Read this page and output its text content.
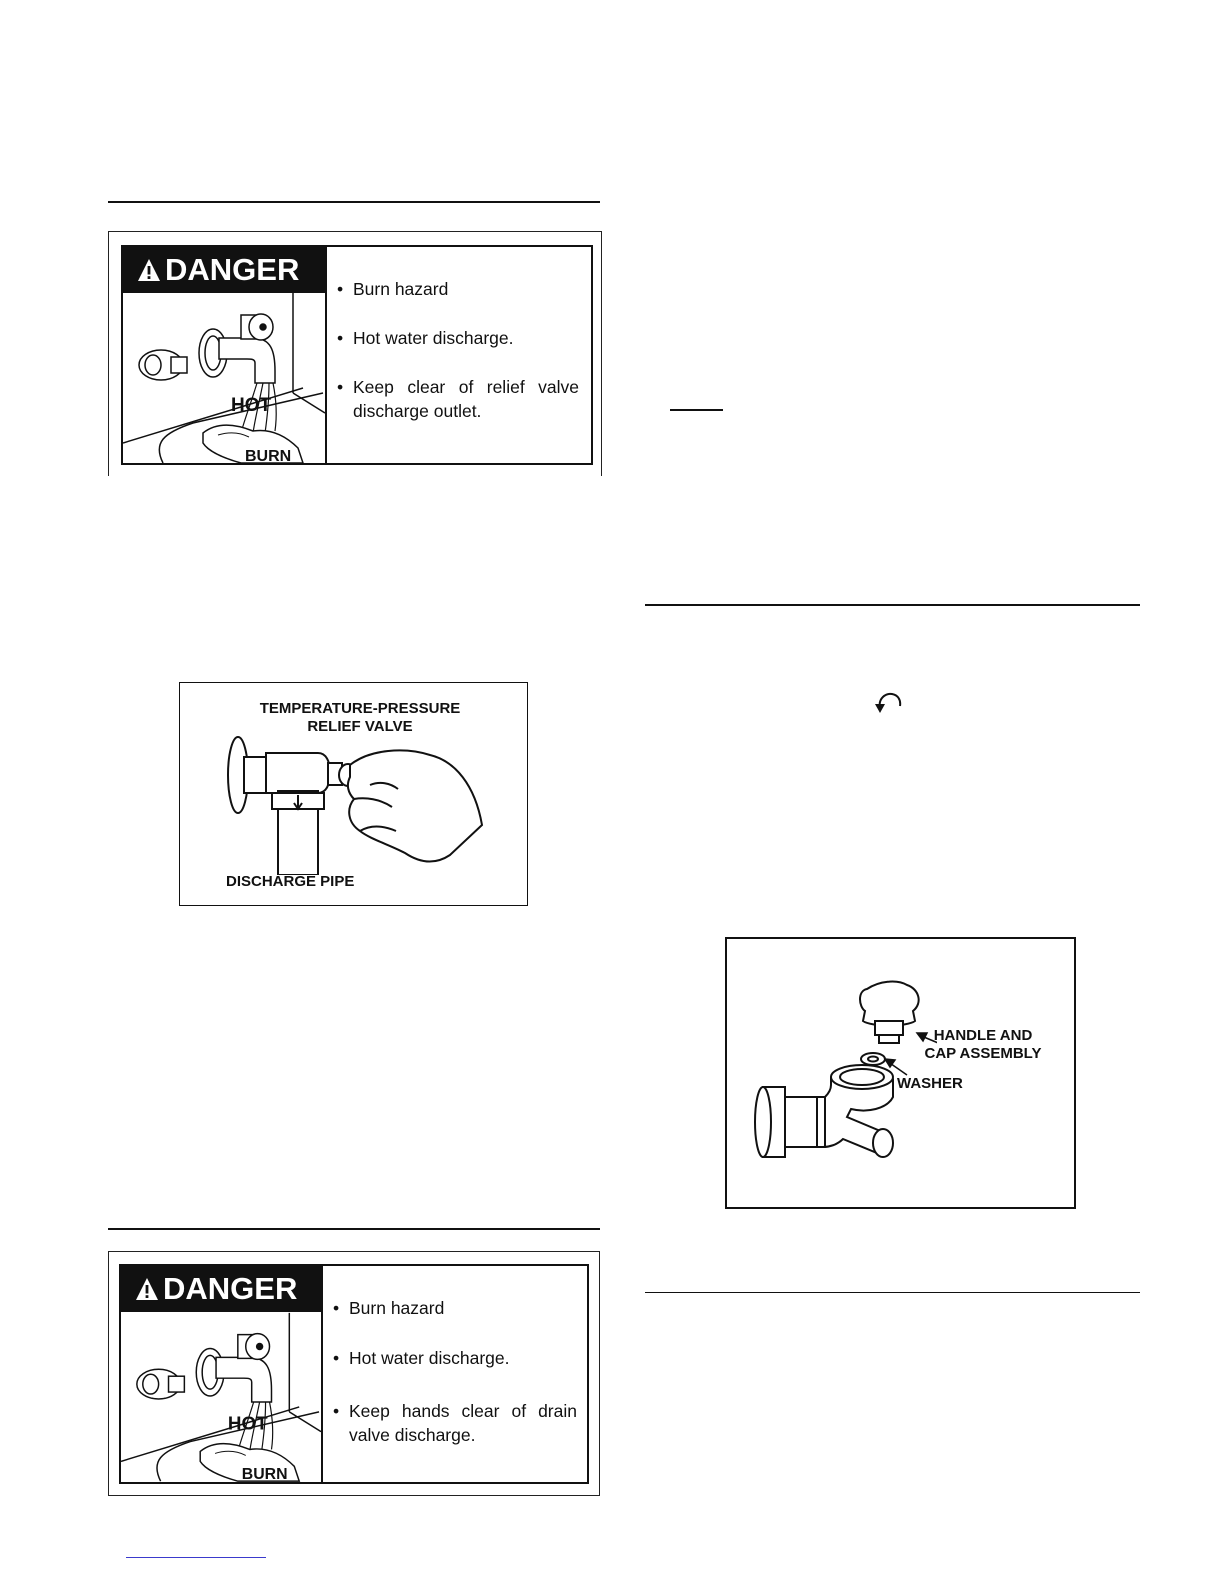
DANGER
HOT
BURN
• Burn hazard
• Hot water discharge.
• Keep clear of relief valve discharge outlet.
TEMPERATURE-PRESSURE
RELIEF VALVE
DISCHARGE PIPE
DANGER
HOT
BURN
• Burn hazard
• Hot water discharge.
• Keep hands clear of drain valve discharge.
HANDLE AND
CAP ASSEMBLY
WASHER
